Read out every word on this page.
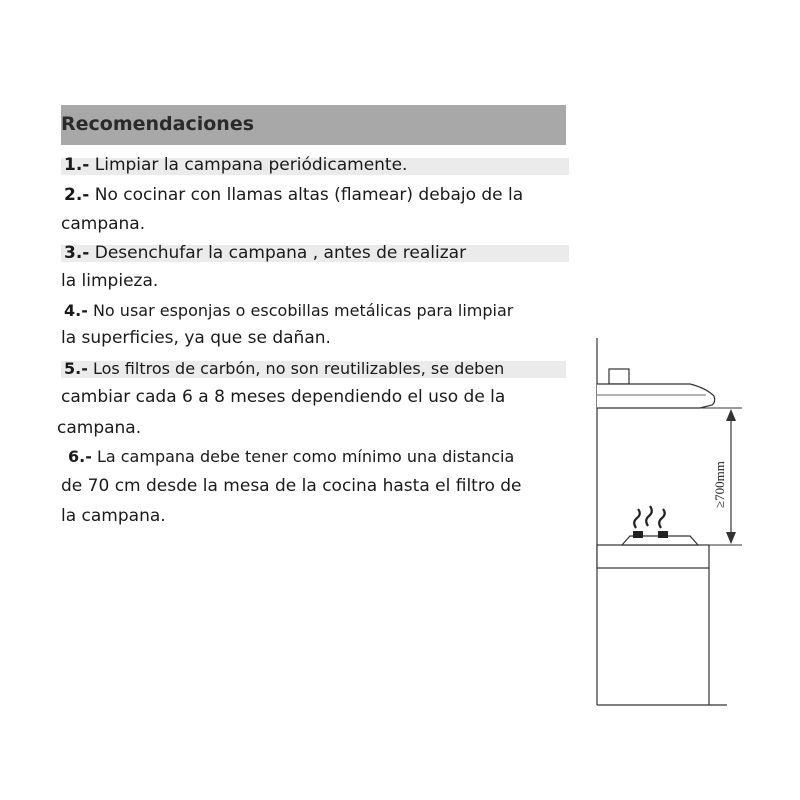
Recomendaciones
1.- Limpiar la campana periódicamente.
2.- No cocinar con llamas altas (flamear) debajo de la
campana.
3.- Desenchufar la campana , antes de realizar
la limpieza.
4.- No usar esponjas o escobillas metálicas para limpiar
la superficies, ya que se dañan.
5.- Los filtros de carbón, no son reutilizables, se deben
cambiar cada 6 a 8 meses dependiendo el uso de la
campana.
6.- La campana debe tener como mínimo una distancia
de 70 cm desde la mesa de la cocina hasta el filtro de
la campana.
≥700mm
